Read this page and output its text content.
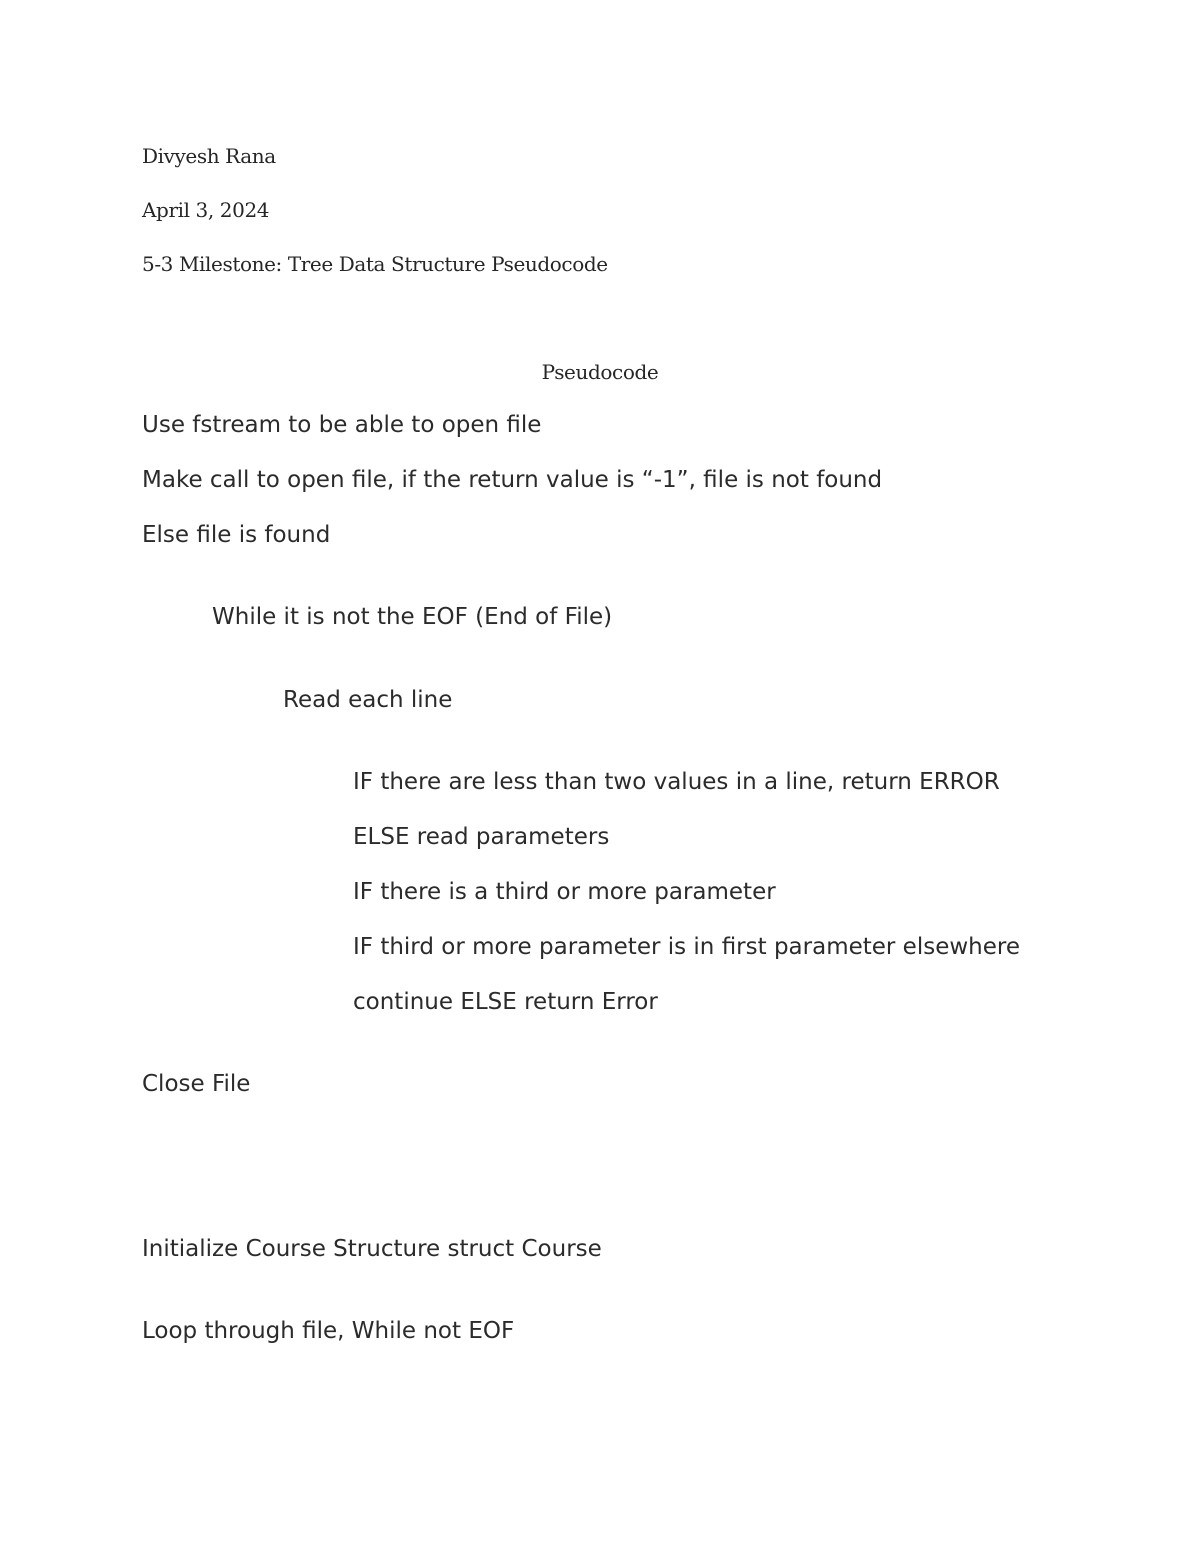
Divyesh Rana
April 3, 2024
5-3 Milestone: Tree Data Structure Pseudocode
Pseudocode
Use fstream to be able to open file
Make call to open file, if the return value is “-1”, file is not found
Else file is found
While it is not the EOF (End of File)
Read each line
IF there are less than two values in a line, return ERROR
ELSE read parameters
IF there is a third or more parameter
IF third or more parameter is in first parameter elsewhere
continue ELSE return Error
Close File
Initialize Course Structure struct Course
Loop through file, While not EOF
